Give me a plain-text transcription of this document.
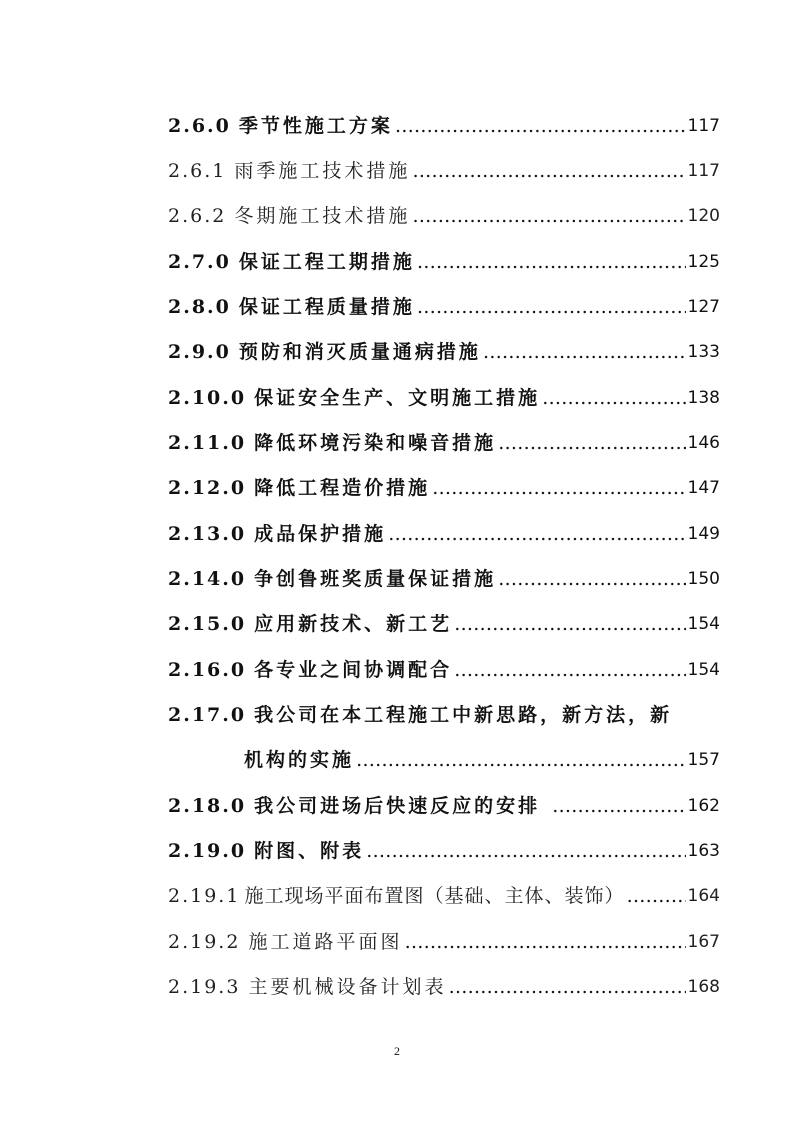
2.6.0 季节性施工方案 …………………………………………………………………………………………………………………………	117
2.6.1 雨季施工技术措施 …………………………………………………………………………………………………………………………	117
2.6.2 冬期施工技术措施 …………………………………………………………………………………………………………………………	120
2.7.0 保证工程工期措施 …………………………………………………………………………………………………………………………	125
2.8.0 保证工程质量措施 …………………………………………………………………………………………………………………………	127
2.9.0 预防和消灭质量通病措施 …………………………………………………………………………………………………………………………	133
2.10.0 保证安全生产、文明施工措施 …………………………………………………………………………………………………………………………	138
2.11.0 降低环境污染和噪音措施 …………………………………………………………………………………………………………………………	146
2.12.0 降低工程造价措施 …………………………………………………………………………………………………………………………	147
2.13.0 成品保护措施 …………………………………………………………………………………………………………………………	149
2.14.0 争创鲁班奖质量保证措施 …………………………………………………………………………………………………………………………	150
2.15.0 应用新技术、新工艺 …………………………………………………………………………………………………………………………	154
2.16.0 各专业之间协调配合 …………………………………………………………………………………………………………………………	154
2.17.0 我公司在本工程施工中新思路，新方法，新
机构的实施 …………………………………………………………………………………………………………………………	157
2.18.0 我公司进场后快速反应的安排 …………………………………………………………………………………………………………………………	162
2.19.0 附图、附表 …………………………………………………………………………………………………………………………	163
2.19.1 施工现场平面布置图（基础、主体、装饰） …………………………………………………………………………………………………………………………	164
2.19.2 施工道路平面图 …………………………………………………………………………………………………………………………	167
2.19.3 主要机械设备计划表 …………………………………………………………………………………………………………………………	168
2
